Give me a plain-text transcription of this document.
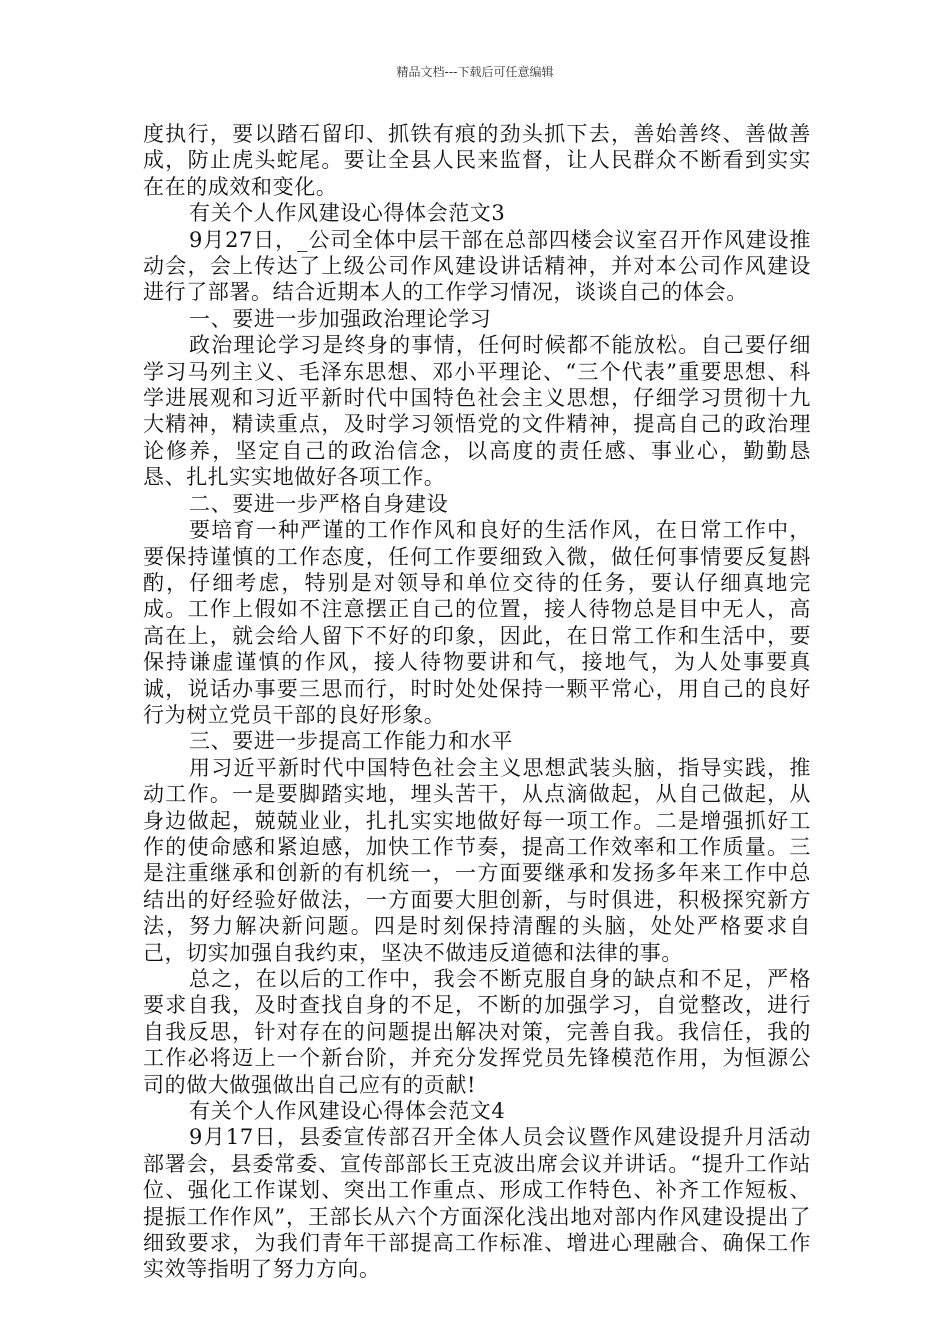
精品文档---下载后可任意编辑

度执行，要以踏石留印、抓铁有痕的劲头抓下去，善始善终、善做善成，防止虎头蛇尾。要让全县人民来监督，让人民群众不断看到实实在在的成效和变化。

有关个人作风建设心得体会范文3

9月27日，_公司全体中层干部在总部四楼会议室召开作风建设推动会，会上传达了上级公司作风建设讲话精神，并对本公司作风建设进行了部署。结合近期本人的工作学习情况，谈谈自己的体会。

一、要进一步加强政治理论学习

政治理论学习是终身的事情，任何时候都不能放松。自己要仔细学习马列主义、毛泽东思想、邓小平理论、“三个代表”重要思想、科学进展观和习近平新时代中国特色社会主义思想，仔细学习贯彻十九大精神，精读重点，及时学习领悟党的文件精神，提高自己的政治理论修养，坚定自己的政治信念，以高度的责任感、事业心，勤勤恳恳、扎扎实实地做好各项工作。

二、要进一步严格自身建设

要培育一种严谨的工作作风和良好的生活作风，在日常工作中，要保持谨慎的工作态度，任何工作要细致入微，做任何事情要反复斟酌，仔细考虑，特别是对领导和单位交待的任务，要认仔细真地完成。工作上假如不注意摆正自己的位置，接人待物总是目中无人，高高在上，就会给人留下不好的印象，因此，在日常工作和生活中，要保持谦虚谨慎的作风，接人待物要讲和气，接地气，为人处事要真诚，说话办事要三思而行，时时处处保持一颗平常心，用自己的良好行为树立党员干部的良好形象。

三、要进一步提高工作能力和水平

用习近平新时代中国特色社会主义思想武装头脑，指导实践，推动工作。一是要脚踏实地，埋头苦干，从点滴做起，从自己做起，从身边做起，兢兢业业，扎扎实实地做好每一项工作。二是增强抓好工作的使命感和紧迫感，加快工作节奏，提高工作效率和工作质量。三是注重继承和创新的有机统一，一方面要继承和发扬多年来工作中总结出的好经验好做法，一方面要大胆创新，与时俱进，积极探究新方法，努力解决新问题。四是时刻保持清醒的头脑，处处严格要求自己，切实加强自我约束，坚决不做违反道德和法律的事。

总之，在以后的工作中，我会不断克服自身的缺点和不足，严格要求自我，及时查找自身的不足，不断的加强学习，自觉整改，进行自我反思，针对存在的问题提出解决对策，完善自我。我信任，我的工作必将迈上一个新台阶，并充分发挥党员先锋模范作用，为恒源公司的做大做强做出自己应有的贡献!

有关个人作风建设心得体会范文4

9月17日，县委宣传部召开全体人员会议暨作风建设提升月活动部署会，县委常委、宣传部部长王克波出席会议并讲话。“提升工作站位、强化工作谋划、突出工作重点、形成工作特色、补齐工作短板、提振工作作风”，王部长从六个方面深化浅出地对部内作风建设提出了细致要求，为我们青年干部提高工作标准、增进心理融合、确保工作实效等指明了努力方向。
